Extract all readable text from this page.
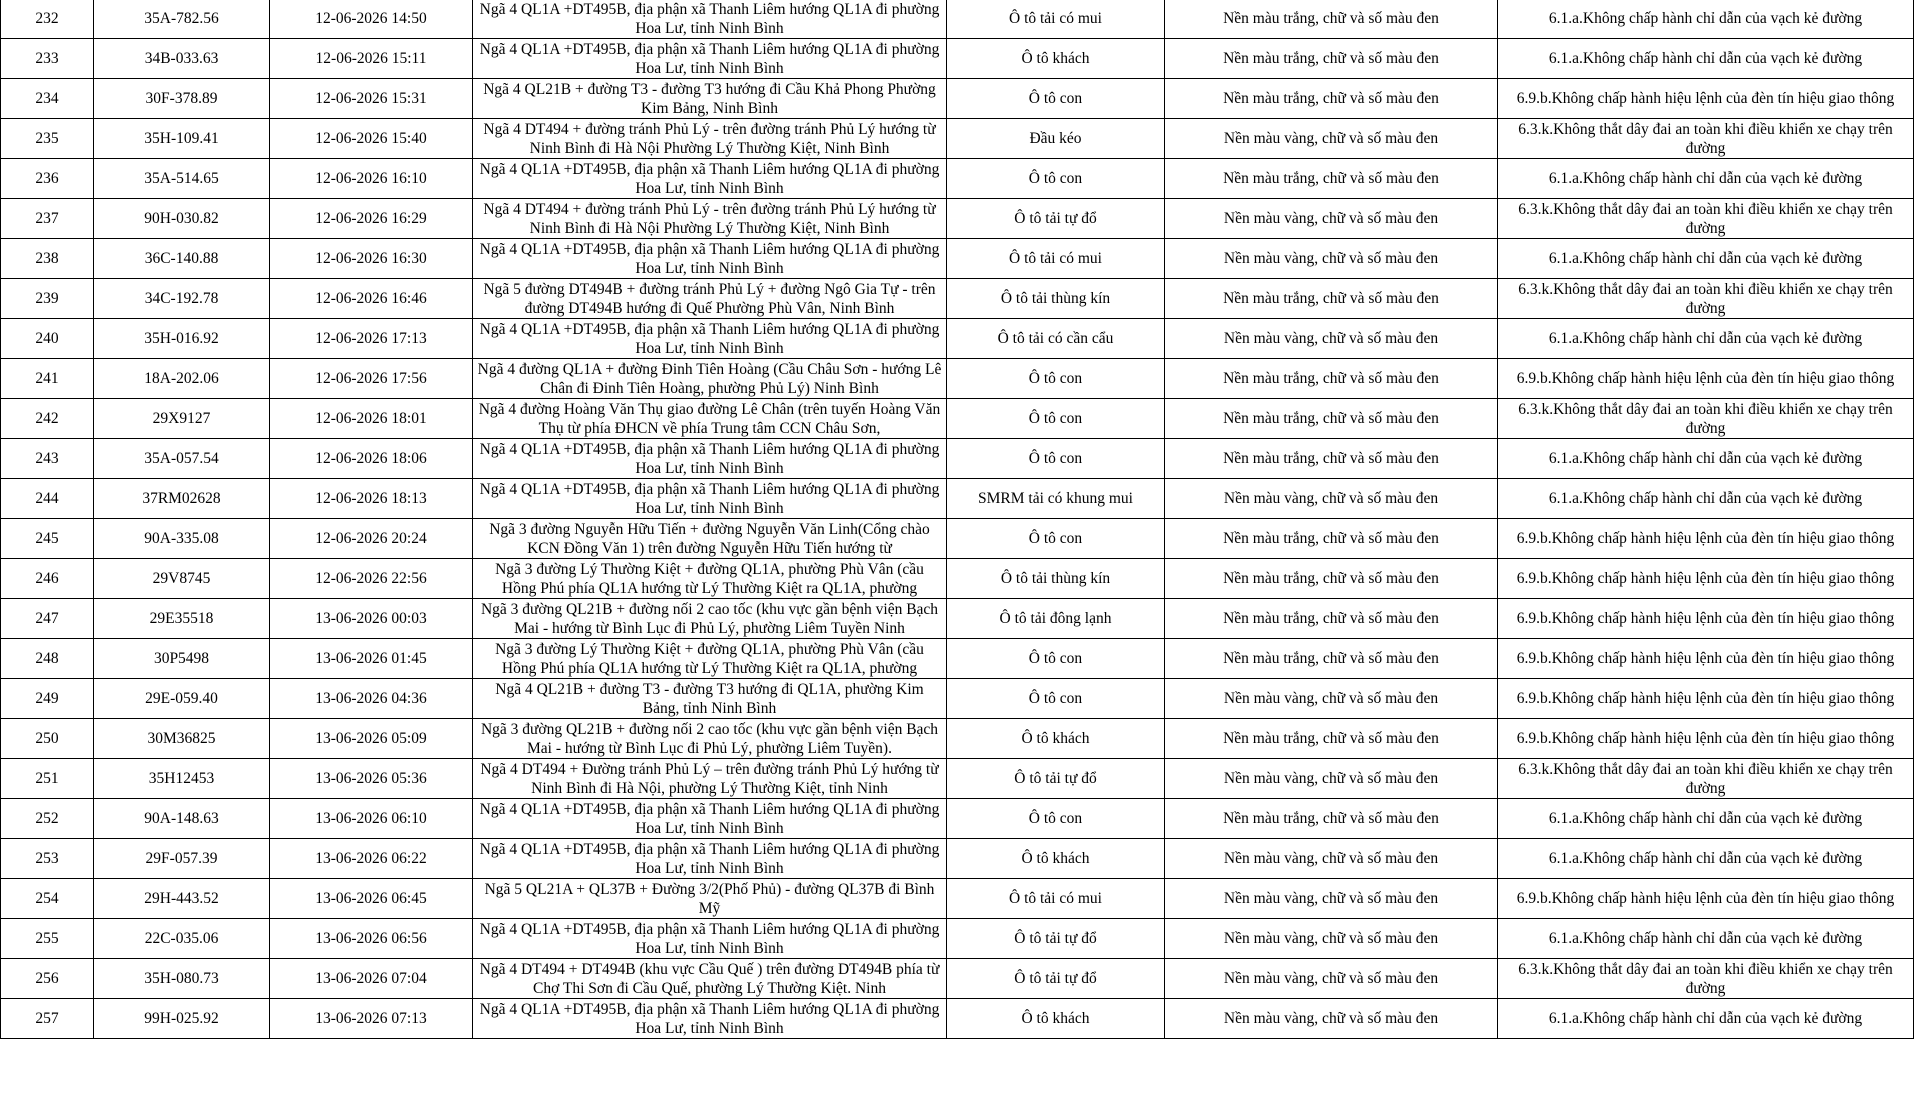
232	35A-782.56	12-06-2026 14:50	Ngã 4 QL1A +DT495B, địa phận xã Thanh Liêm hướng QL1A đi phường Hoa Lư, tỉnh Ninh Bình	Ô tô tải có mui	Nền màu trắng, chữ và số màu đen	6.1.a.Không chấp hành chỉ dẫn của vạch kẻ đường

233	34B-033.63	12-06-2026 15:11	Ngã 4 QL1A +DT495B, địa phận xã Thanh Liêm hướng QL1A đi phường Hoa Lư, tỉnh Ninh Bình	Ô tô khách	Nền màu trắng, chữ và số màu đen	6.1.a.Không chấp hành chỉ dẫn của vạch kẻ đường

234	30F-378.89	12-06-2026 15:31	Ngã 4 QL21B + đường T3 - đường T3 hướng đi Cầu Khả Phong Phường Kim Bảng, Ninh Bình	Ô tô con	Nền màu trắng, chữ và số màu đen	6.9.b.Không chấp hành hiệu lệnh của đèn tín hiệu giao thông

235	35H-109.41	12-06-2026 15:40	Ngã 4 DT494 + đường tránh Phủ Lý - trên đường tránh Phủ Lý hướng từ Ninh Bình đi Hà Nội Phường Lý Thường Kiệt, Ninh Bình	Đầu kéo	Nền màu vàng, chữ và số màu đen	6.3.k.Không thắt dây đai an toàn khi điều khiển xe chạy trên đường

236	35A-514.65	12-06-2026 16:10	Ngã 4 QL1A +DT495B, địa phận xã Thanh Liêm hướng QL1A đi phường Hoa Lư, tỉnh Ninh Bình	Ô tô con	Nền màu trắng, chữ và số màu đen	6.1.a.Không chấp hành chỉ dẫn của vạch kẻ đường

237	90H-030.82	12-06-2026 16:29	Ngã 4 DT494 + đường tránh Phủ Lý - trên đường tránh Phủ Lý hướng từ Ninh Bình đi Hà Nội Phường Lý Thường Kiệt, Ninh Bình	Ô tô tải tự đổ	Nền màu vàng, chữ và số màu đen	6.3.k.Không thắt dây đai an toàn khi điều khiển xe chạy trên đường

238	36C-140.88	12-06-2026 16:30	Ngã 4 QL1A +DT495B, địa phận xã Thanh Liêm hướng QL1A đi phường Hoa Lư, tỉnh Ninh Bình	Ô tô tải có mui	Nền màu vàng, chữ và số màu đen	6.1.a.Không chấp hành chỉ dẫn của vạch kẻ đường

239	34C-192.78	12-06-2026 16:46	Ngã 5 đường DT494B + đường tránh Phủ Lý + đường Ngô Gia Tự - trên đường DT494B hướng đi Quế Phường Phù Vân, Ninh Bình	Ô tô tải thùng kín	Nền màu trắng, chữ và số màu đen	6.3.k.Không thắt dây đai an toàn khi điều khiển xe chạy trên đường

240	35H-016.92	12-06-2026 17:13	Ngã 4 QL1A +DT495B, địa phận xã Thanh Liêm hướng QL1A đi phường Hoa Lư, tỉnh Ninh Bình	Ô tô tải có cần cẩu	Nền màu vàng, chữ và số màu đen	6.1.a.Không chấp hành chỉ dẫn của vạch kẻ đường

241	18A-202.06	12-06-2026 17:56	Ngã 4 đường QL1A + đường Đinh Tiên Hoàng (Cầu Châu Sơn - hướng Lê Chân đi Đinh Tiên Hoàng, phường Phủ Lý) Ninh Bình	Ô tô con	Nền màu trắng, chữ và số màu đen	6.9.b.Không chấp hành hiệu lệnh của đèn tín hiệu giao thông

242	29X9127	12-06-2026 18:01	Ngã 4 đường Hoàng Văn Thụ giao đường Lê Chân (trên tuyến Hoàng Văn Thụ từ phía ĐHCN về phía Trung tâm CCN Châu Sơn,	Ô tô con	Nền màu trắng, chữ và số màu đen	6.3.k.Không thắt dây đai an toàn khi điều khiển xe chạy trên đường

243	35A-057.54	12-06-2026 18:06	Ngã 4 QL1A +DT495B, địa phận xã Thanh Liêm hướng QL1A đi phường Hoa Lư, tỉnh Ninh Bình	Ô tô con	Nền màu trắng, chữ và số màu đen	6.1.a.Không chấp hành chỉ dẫn của vạch kẻ đường

244	37RM02628	12-06-2026 18:13	Ngã 4 QL1A +DT495B, địa phận xã Thanh Liêm hướng QL1A đi phường Hoa Lư, tỉnh Ninh Bình	SMRM tải có khung mui	Nền màu vàng, chữ và số màu đen	6.1.a.Không chấp hành chỉ dẫn của vạch kẻ đường

245	90A-335.08	12-06-2026 20:24	Ngã 3 đường Nguyễn Hữu Tiến + đường Nguyễn Văn Linh(Cổng chào KCN Đồng Văn 1) trên đường Nguyễn Hữu Tiến hướng từ	Ô tô con	Nền màu trắng, chữ và số màu đen	6.9.b.Không chấp hành hiệu lệnh của đèn tín hiệu giao thông

246	29V8745	12-06-2026 22:56	Ngã 3 đường Lý Thường Kiệt + đường QL1A, phường Phù Vân (cầu Hồng Phú phía QL1A hướng từ Lý Thường Kiệt ra QL1A, phường	Ô tô tải thùng kín	Nền màu trắng, chữ và số màu đen	6.9.b.Không chấp hành hiệu lệnh của đèn tín hiệu giao thông

247	29E35518	13-06-2026 00:03	Ngã 3 đường QL21B + đường nối 2 cao tốc (khu vực gần bệnh viện Bạch Mai - hướng từ Bình Lục đi Phủ Lý, phường Liêm Tuyền Ninh	Ô tô tải đông lạnh	Nền màu trắng, chữ và số màu đen	6.9.b.Không chấp hành hiệu lệnh của đèn tín hiệu giao thông

248	30P5498	13-06-2026 01:45	Ngã 3 đường Lý Thường Kiệt + đường QL1A, phường Phù Vân (cầu Hồng Phú phía QL1A hướng từ Lý Thường Kiệt ra QL1A, phường	Ô tô con	Nền màu trắng, chữ và số màu đen	6.9.b.Không chấp hành hiệu lệnh của đèn tín hiệu giao thông

249	29E-059.40	13-06-2026 04:36	Ngã 4 QL21B + đường T3 - đường T3 hướng đi QL1A, phường Kim Bảng, tỉnh Ninh Bình	Ô tô con	Nền màu vàng, chữ và số màu đen	6.9.b.Không chấp hành hiệu lệnh của đèn tín hiệu giao thông

250	30M36825	13-06-2026 05:09	Ngã 3 đường QL21B + đường nối 2 cao tốc (khu vực gần bệnh viện Bạch Mai - hướng từ Bình Lục đi Phủ Lý, phường Liêm Tuyền).	Ô tô khách	Nền màu trắng, chữ và số màu đen	6.9.b.Không chấp hành hiệu lệnh của đèn tín hiệu giao thông

251	35H12453	13-06-2026 05:36	Ngã 4 DT494 + Đường tránh Phủ Lý – trên đường tránh Phủ Lý hướng từ Ninh Bình đi Hà Nội, phường Lý Thường Kiệt, tỉnh Ninh	Ô tô tải tự đổ	Nền màu vàng, chữ và số màu đen	6.3.k.Không thắt dây đai an toàn khi điều khiển xe chạy trên đường

252	90A-148.63	13-06-2026 06:10	Ngã 4 QL1A +DT495B, địa phận xã Thanh Liêm hướng QL1A đi phường Hoa Lư, tỉnh Ninh Bình	Ô tô con	Nền màu trắng, chữ và số màu đen	6.1.a.Không chấp hành chỉ dẫn của vạch kẻ đường

253	29F-057.39	13-06-2026 06:22	Ngã 4 QL1A +DT495B, địa phận xã Thanh Liêm hướng QL1A đi phường Hoa Lư, tỉnh Ninh Bình	Ô tô khách	Nền màu vàng, chữ và số màu đen	6.1.a.Không chấp hành chỉ dẫn của vạch kẻ đường

254	29H-443.52	13-06-2026 06:45	Ngã 5 QL21A + QL37B + Đường 3/2(Phố Phủ) - đường QL37B đi Bình Mỹ	Ô tô tải có mui	Nền màu vàng, chữ và số màu đen	6.9.b.Không chấp hành hiệu lệnh của đèn tín hiệu giao thông

255	22C-035.06	13-06-2026 06:56	Ngã 4 QL1A +DT495B, địa phận xã Thanh Liêm hướng QL1A đi phường Hoa Lư, tỉnh Ninh Bình	Ô tô tải tự đổ	Nền màu vàng, chữ và số màu đen	6.1.a.Không chấp hành chỉ dẫn của vạch kẻ đường

256	35H-080.73	13-06-2026 07:04	Ngã 4 DT494 + DT494B (khu vực Cầu Quế ) trên đường DT494B phía từ Chợ Thi Sơn đi Cầu Quế, phường Lý Thường Kiệt. Ninh	Ô tô tải tự đổ	Nền màu vàng, chữ và số màu đen	6.3.k.Không thắt dây đai an toàn khi điều khiển xe chạy trên đường

257	99H-025.92	13-06-2026 07:13	Ngã 4 QL1A +DT495B, địa phận xã Thanh Liêm hướng QL1A đi phường Hoa Lư, tỉnh Ninh Bình	Ô tô khách	Nền màu vàng, chữ và số màu đen	6.1.a.Không chấp hành chỉ dẫn của vạch kẻ đường
